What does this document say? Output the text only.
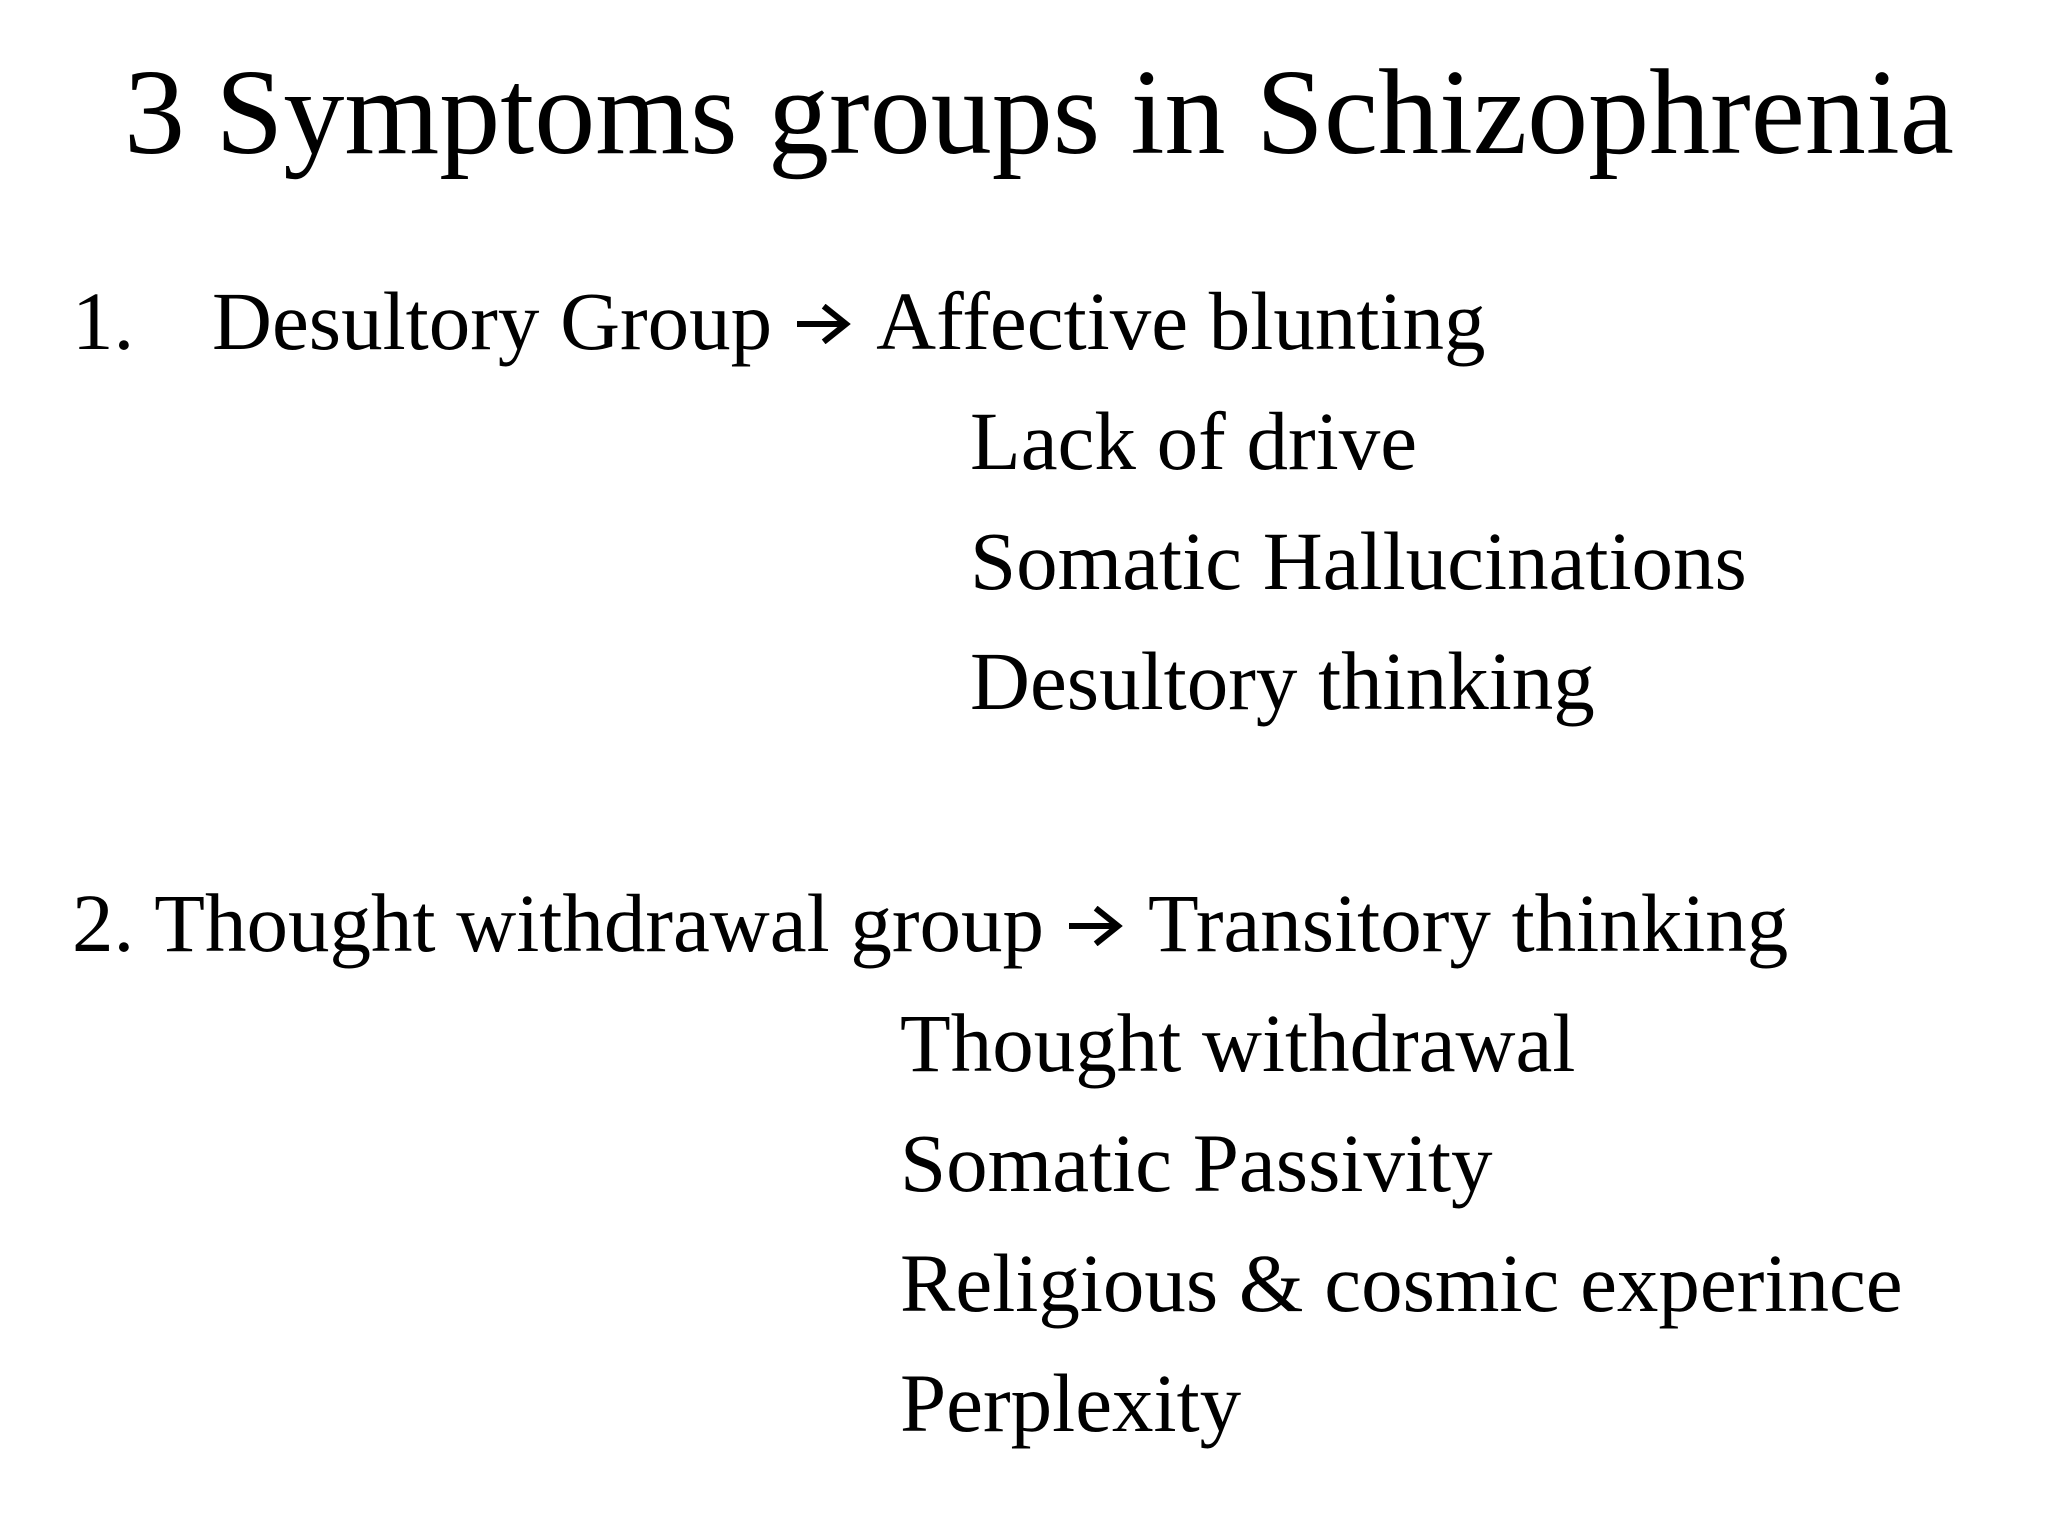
3 Symptoms groups in Schizophrenia
1. Desultory Group Affective blunting
Lack of drive
Somatic Hallucinations
Desultory thinking
2. Thought withdrawal group Transitory thinking
Thought withdrawal
Somatic Passivity
Religious & cosmic experince
Perplexity
